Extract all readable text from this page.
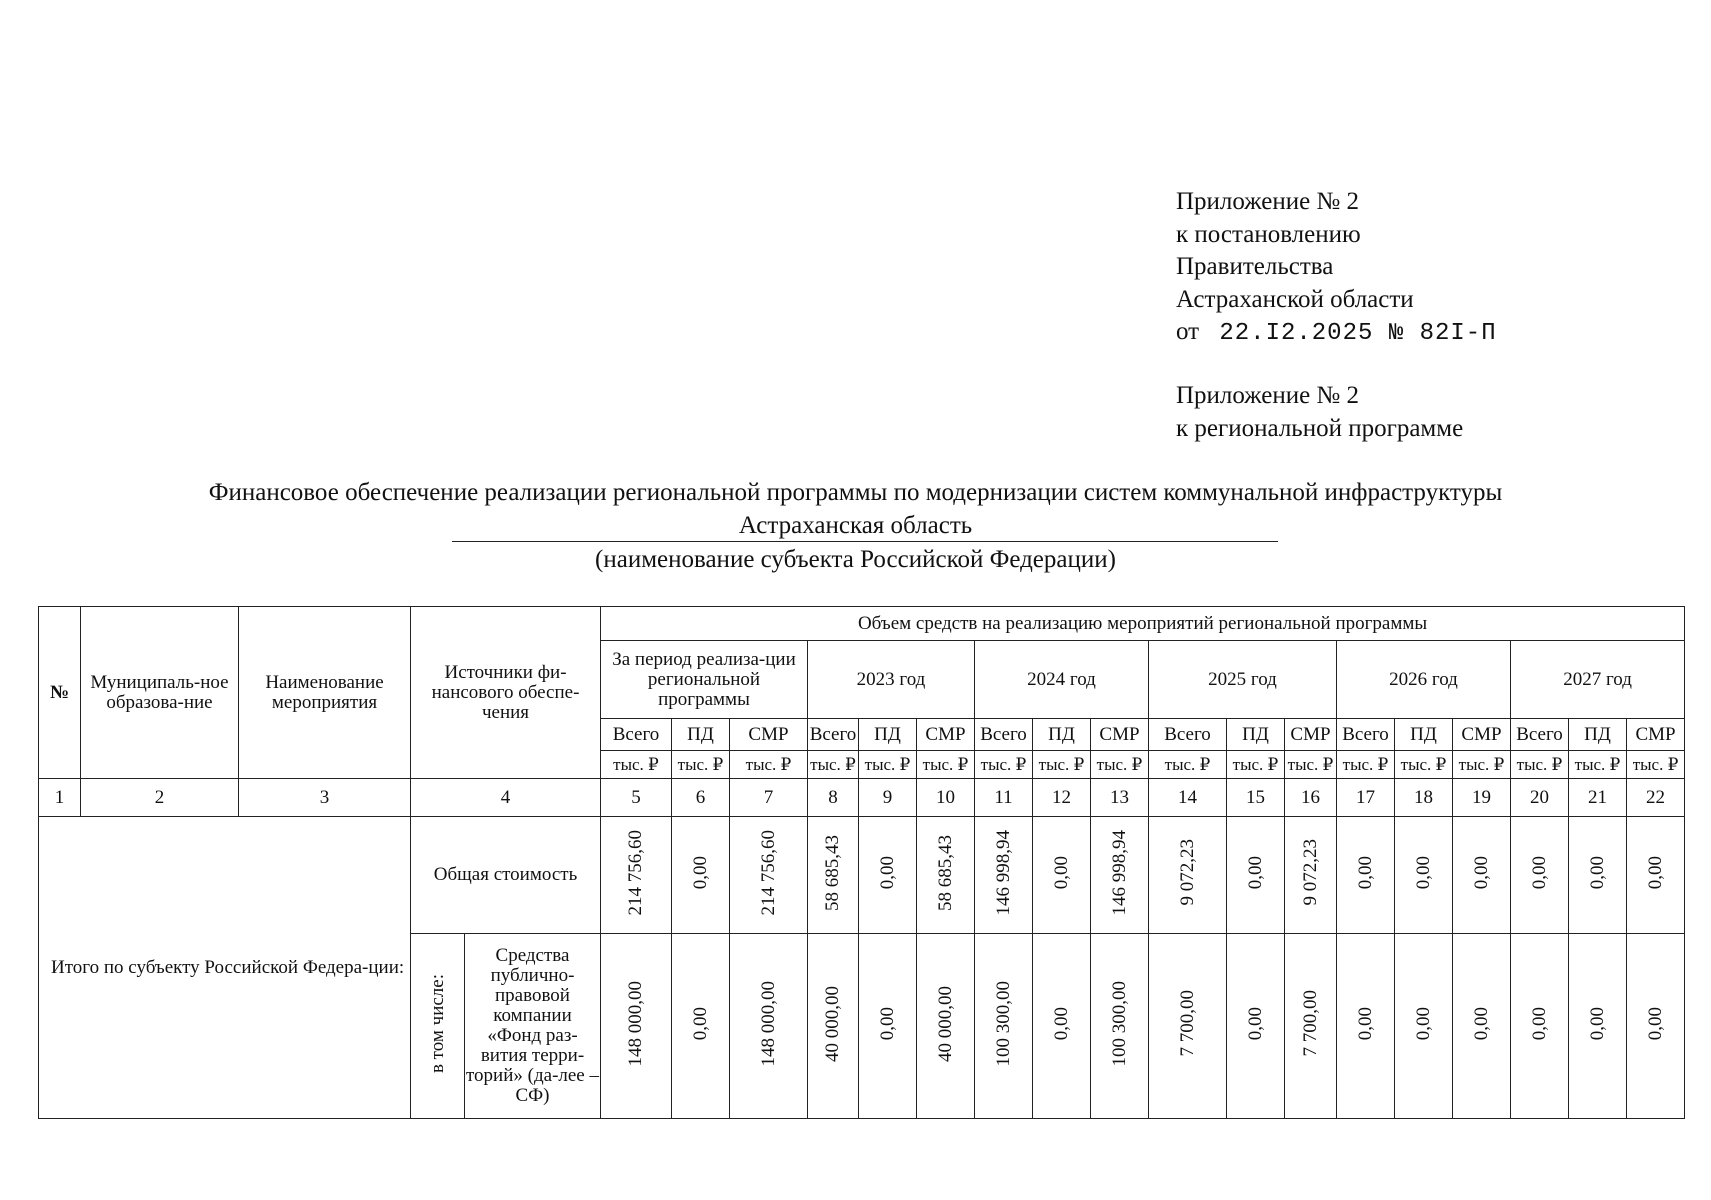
Приложение № 2
к постановлению
Правительства
Астраханской области
от 22.I2.2025 № 82I-П
Приложение № 2
к региональной программе
Финансовое обеспечение реализации региональной программы по модернизации систем коммунальной инфраструктуры
Астраханская область
(наименование субъекта Российской Федерации)
№	Муниципаль-ное образова-ние	Наименование мероприятия	Источники фи-нансового обеспе-чения		Объем средств на реализацию мероприятий региональной программы																	
					За период реализа-ции региональной программы			2023 год			2024 год			2025 год			2026 год			2027 год		
					Всего	ПД	СМР	Всего	ПД	СМР	Всего	ПД	СМР	Всего	ПД	СМР	Всего	ПД	СМР	Всего	ПД	СМР
					тыс. ₽	тыс. ₽	тыс. ₽	тыс. ₽	тыс. ₽	тыс. ₽	тыс. ₽	тыс. ₽	тыс. ₽	тыс. ₽	тыс. ₽	тыс. ₽	тыс. ₽	тыс. ₽	тыс. ₽	тыс. ₽	тыс. ₽	тыс. ₽
1	2	3	4		5	6	7	8	9	10	11	12	13	14	15	16	17	18	19	20	21	22
Итого по субъекту Российской Федера-ции:			Общая стоимость		214 756,60	0,00	214 756,60	58 685,43	0,00	58 685,43	146 998,94	0,00	146 998,94	9 072,23	0,00	9 072,23	0,00	0,00	0,00	0,00	0,00	0,00
			в том числе:	Средства публично-правовой компании «Фонд раз-вития терри-торий» (да-лее – СФ)	148 000,00	0,00	148 000,00	40 000,00	0,00	40 000,00	100 300,00	0,00	100 300,00	7 700,00	0,00	7 700,00	0,00	0,00	0,00	0,00	0,00	0,00
